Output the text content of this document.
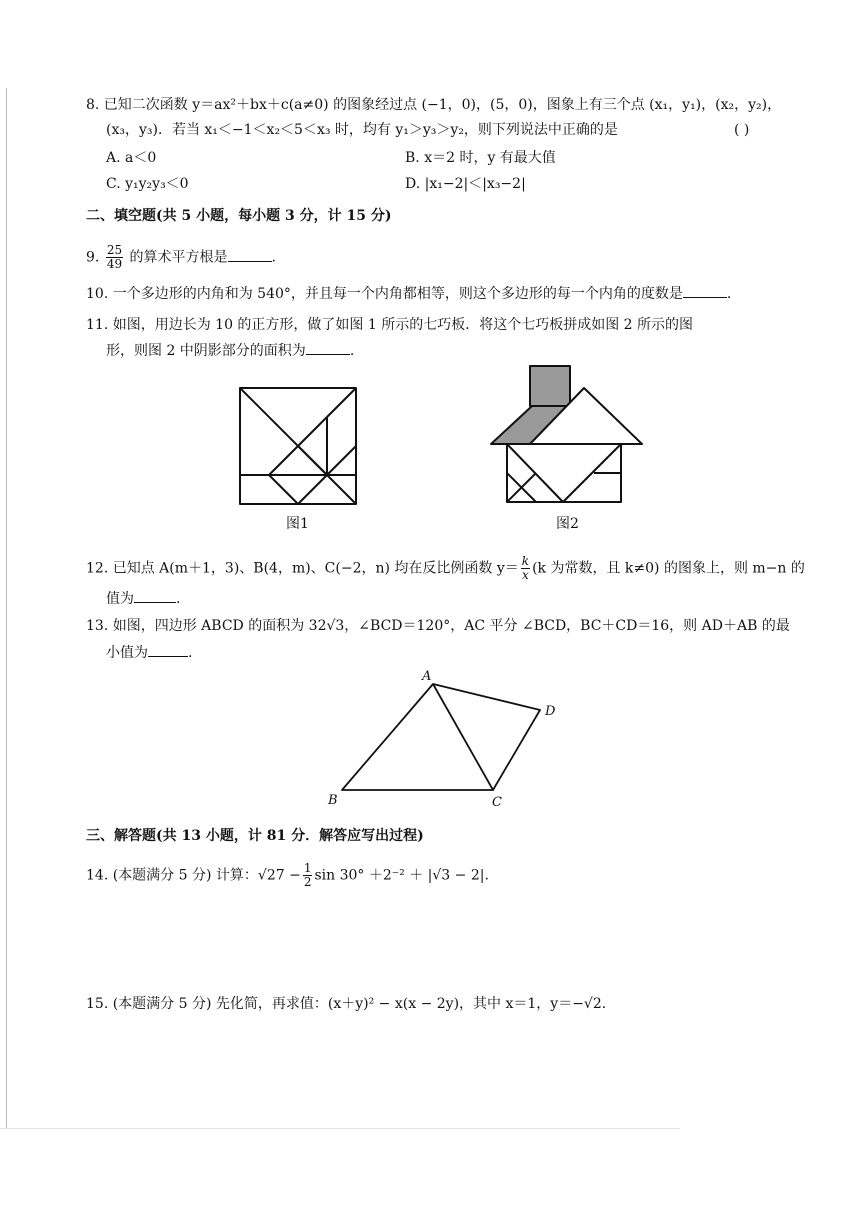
8. 已知二次函数 y＝ax²＋bx＋c(a≠0) 的图象经过点 (−1，0)，(5，0)，图象上有三个点 (x₁，y₁)，(x₂，y₂)，
(x₃，y₃)．若当 x₁＜−1＜x₂＜5＜x₃ 时，均有 y₁＞y₃＞y₂，则下列说法中正确的是	( )
A. a＜0	B. x＝2 时，y 有最大值
C. y₁y₂y₃＜0	D. |x₁−2|＜|x₃−2|
二、填空题(共 5 小题，每小题 3 分，计 15 分)
9. $\frac{25}{49}$ 的算术平方根是	.
10. 一个多边形的内角和为 540°，并且每一个内角都相等，则这个多边形的每一个内角的度数是	.
11. 如图，用边长为 10 的正方形，做了如图 1 所示的七巧板．将这个七巧板拼成如图 2 所示的图
形，则图 2 中阴影部分的面积为	.
图1	图2
12. 已知点 A(m＋1，3)、B(4，m)、C(−2，n) 均在反比例函数 $y= \frac{k}{x} (k$ 为常数，且 k≠0) 的图象上，则 m−n 的
值为	.
13. 如图，四边形 ABCD 的面积为 32√3，∠BCD＝120°，AC 平分 ∠BCD，BC＋CD＝16，则 AD＋AB 的最
小值为	.
A
B	C
D
三、解答题(共 13 小题，计 81 分．解答应写出过程)
14. (本题满分 5 分) 计算：$√27 - \frac{1}{2}$ sin 30° ＋2⁻² ＋ |√3 − 2|.
15. (本题满分 5 分) 先化简，再求值：(x＋y)² − x(x − 2y)，其中 x＝1，y＝−√2．
